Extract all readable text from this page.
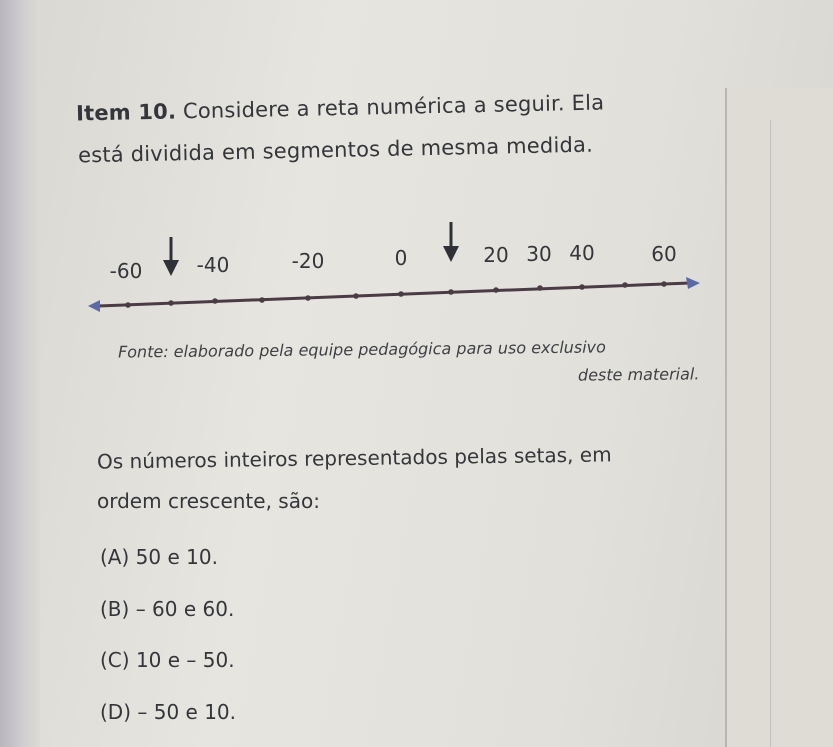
Item 10. Considere a reta numérica a seguir. Ela
está dividida em segmentos de mesma medida.
-60	-40	-20	0	20 30 40	60
Fonte: elaborado pela equipe pedagógica para uso exclusivo
deste material.
Os números inteiros representados pelas setas, em
ordem crescente, são:
(A) 50 e 10.
(B) – 60 e 60.
(C) 10 e – 50.
(D) – 50 e 10.
